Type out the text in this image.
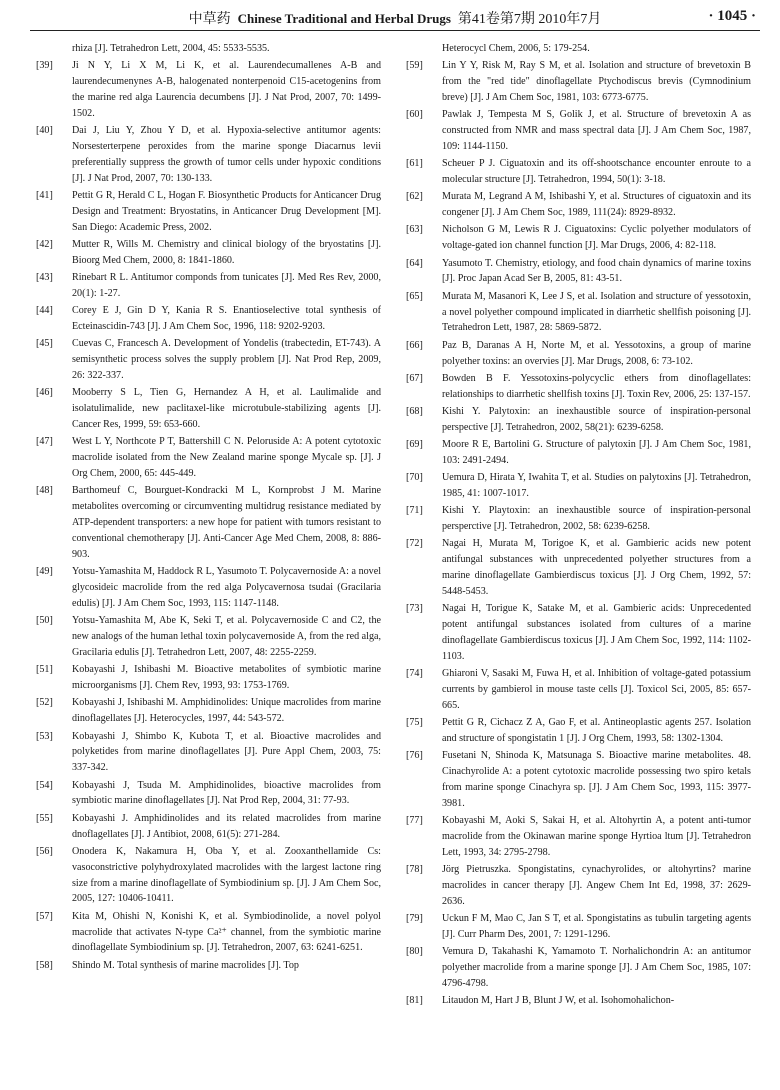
中草药 Chinese Traditional and Herbal Drugs 第41卷第7期 2010年7月	· 1045 ·
rhiza [J]. Tetrahedron Lett, 2004, 45: 5533-5535.
[39]	Ji N Y, Li X M, Li K, et al. Laurendecumallenes A-B and laurendecumenynes A-B, halogenated nonterpenoid C15-acetogenins from the marine red alga Laurencia decumbens [J]. J Nat Prod, 2007, 70: 1499-1502.
[40]	Dai J, Liu Y, Zhou Y D, et al. Hypoxia-selective antitumor agents: Norsesterterpene peroxides from the marine sponge Diacarnus levii preferentially suppress the growth of tumor cells under hypoxic conditions [J]. J Nat Prod, 2007, 70: 130-133.
[41]	Pettit G R, Herald C L, Hogan F. Biosynthetic Products for Anticancer Drug Design and Treatment: Bryostatins, in Anticancer Drug Development [M]. San Diego: Academic Press, 2002.
[42]	Mutter R, Wills M. Chemistry and clinical biology of the bryostatins [J]. Bioorg Med Chem, 2000, 8: 1841-1860.
[43]	Rinebart R L. Antitumor componds from tunicates [J]. Med Res Rev, 2000, 20(1): 1-27.
[44]	Corey E J, Gin D Y, Kania R S. Enantioselective total synthesis of Ecteinascidin-743 [J]. J Am Chem Soc, 1996, 118: 9202-9203.
[45]	Cuevas C, Francesch A. Development of Yondelis (trabectedin, ET-743). A semisynthetic process solves the supply problem [J]. Nat Prod Rep, 2009, 26: 322-337.
[46]	Mooberry S L, Tien G, Hernandez A H, et al. Laulimalide and isolatulimalide, new paclitaxel-like microtubule-stabilizing agents [J]. Cancer Res, 1999, 59: 653-660.
[47]	West L Y, Northcote P T, Battershill C N. Peloruside A: A potent cytotoxic macrolide isolated from the New Zealand marine sponge Mycale sp. [J]. J Org Chem, 2000, 65: 445-449.
[48]	Barthomeuf C, Bourguet-Kondracki M L, Kornprobst J M. Marine metabolites overcoming or circumventing multidrug resistance mediated by ATP-dependent transporters: a new hope for patient with tumors resistant to conventional chemotherapy [J]. Anti-Cancer Age Med Chem, 2008, 8: 886-903.
[49]	Yotsu-Yamashita M, Haddock R L, Yasumoto T. Polycavernoside A: a novel glycosideic macrolide from the red alga Polycavernosa tsudai (Gracilaria edulis) [J]. J Am Chem Soc, 1993, 115: 1147-1148.
[50]	Yotsu-Yamashita M, Abe K, Seki T, et al. Polycavernoside C and C2, the new analogs of the human lethal toxin polycavernoside A, from the red alga, Gracilaria edulis [J]. Tetrahedron Lett, 2007, 48: 2255-2259.
[51]	Kobayashi J, Ishibashi M. Bioactive metabolites of symbiotic marine microorganisms [J]. Chem Rev, 1993, 93: 1753-1769.
[52]	Kobayashi J, Ishibashi M. Amphidinolides: Unique macrolides from marine dinoflagellates [J]. Heterocycles, 1997, 44: 543-572.
[53]	Kobayashi J, Shimbo K, Kubota T, et al. Bioactive macrolides and polyketides from marine dinoflagellates [J]. Pure Appl Chem, 2003, 75: 337-342.
[54]	Kobayashi J, Tsuda M. Amphidinolides, bioactive macrolides from symbiotic marine dinoflagellates [J]. Nat Prod Rep, 2004, 31: 77-93.
[55]	Kobayashi J. Amphidinolides and its related macrolides from marine dnoflagellates [J]. J Antibiot, 2008, 61(5): 271-284.
[56]	Onodera K, Nakamura H, Oba Y, et al. Zooxanthellamide Cs: vasoconstrictive polyhydroxylated macrolides with the largest lactone ring size from a marine dinoflagellate of Symbiodinium sp. [J]. J Am Chem Soc, 2005, 127: 10406-10411.
[57]	Kita M, Ohishi N, Konishi K, et al. Symbiodinolide, a novel polyol macrolide that activates N-type Ca²⁺ channel, from the symbiotic marine dinoflagellate Symbiodinium sp. [J]. Tetrahedron, 2007, 63: 6241-6251.
[58]	Shindo M. Total synthesis of marine macrolides [J]. Top
Heterocycl Chem, 2006, 5: 179-254.
[59]	Lin Y Y, Risk M, Ray S M, et al. Isolation and structure of brevetoxin B from the "red tide" dinoflagellate Ptychodiscus brevis (Cymnodinium breve) [J]. J Am Chem Soc, 1981, 103: 6773-6775.
[60]	Pawlak J, Tempesta M S, Golik J, et al. Structure of brevetoxin A as constructed from NMR and mass spectral data [J]. J Am Chem Soc, 1987, 109: 1144-1150.
[61]	Scheuer P J. Ciguatoxin and its off-shootschance encounter enroute to a molecular structure [J]. Tetrahedron, 1994, 50(1): 3-18.
[62]	Murata M, Legrand A M, Ishibashi Y, et al. Structures of ciguatoxin and its congener [J]. J Am Chem Soc, 1989, 111(24): 8929-8932.
[63]	Nicholson G M, Lewis R J. Ciguatoxins: Cyclic polyether modulators of voltage-gated ion channel function [J]. Mar Drugs, 2006, 4: 82-118.
[64]	Yasumoto T. Chemistry, etiology, and food chain dynamics of marine toxins [J]. Proc Japan Acad Ser B, 2005, 81: 43-51.
[65]	Murata M, Masanori K, Lee J S, et al. Isolation and structure of yessotoxin, a novel polyether compound implicated in diarrhetic shellfish poisoning [J]. Tetrahedron Lett, 1987, 28: 5869-5872.
[66]	Paz B, Daranas A H, Norte M, et al. Yessotoxins, a group of marine polyether toxins: an overvies [J]. Mar Drugs, 2008, 6: 73-102.
[67]	Bowden B F. Yessotoxins-polycyclic ethers from dinoflagellates: relationships to diarrhetic shellfish toxins [J]. Toxin Rev, 2006, 25: 137-157.
[68]	Kishi Y. Palytoxin: an inexhaustible source of inspiration-personal perspective [J]. Tetrahedron, 2002, 58(21): 6239-6258.
[69]	Moore R E, Bartolini G. Structure of palytoxin [J]. J Am Chem Soc, 1981, 103: 2491-2494.
[70]	Uemura D, Hirata Y, Iwahita T, et al. Studies on palytoxins [J]. Tetrahedron, 1985, 41: 1007-1017.
[71]	Kishi Y. Playtoxin: an inexhaustible source of inspiration-personal persperctive [J]. Tetrahedron, 2002, 58: 6239-6258.
[72]	Nagai H, Murata M, Torigoe K, et al. Gambieric acids new potent antifungal substances with unprecedented polyether structures from a marine dinoflagellate Gambierdiscus toxicus [J]. J Org Chem, 1992, 57: 5448-5453.
[73]	Nagai H, Torigue K, Satake M, et al. Gambieric acids: Unprecedented potent antifungal substances isolated from cultures of a marine dinoflagellate Gambierdiscus toxicus [J]. J Am Chem Soc, 1992, 114: 1102-1103.
[74]	Ghiaroni V, Sasaki M, Fuwa H, et al. Inhibition of voltage-gated potassium currents by gambierol in mouse taste cells [J]. Toxicol Sci, 2005, 85: 657-665.
[75]	Pettit G R, Cichacz Z A, Gao F, et al. Antineoplastic agents 257. Isolation and structure of spongistatin 1 [J]. J Org Chem, 1993, 58: 1302-1304.
[76]	Fusetani N, Shinoda K, Matsunaga S. Bioactive marine metabolites. 48. Cinachyrolide A: a potent cytotoxic macrolide possessing two spiro ketals from marine sponge Cinachyra sp. [J]. J Am Chem Soc, 1993, 115: 3977-3981.
[77]	Kobayashi M, Aoki S, Sakai H, et al. Altohyrtin A, a potent anti-tumor macrolide from the Okinawan marine sponge Hyrtioa ltum [J]. Tetrahedron Lett, 1993, 34: 2795-2798.
[78]	Jörg Pietruszka. Spongistatins, cynachyrolides, or altohyrtins? marine macrolides in cancer therapy [J]. Angew Chem Int Ed, 1998, 37: 2629-2636.
[79]	Uckun F M, Mao C, Jan S T, et al. Spongistatins as tubulin targeting agents [J]. Curr Pharm Des, 2001, 7: 1291-1296.
[80]	Vemura D, Takahashi K, Yamamoto T. Norhalichondrin A: an antitumor polyether macrolide from a marine sponge [J]. J Am Chem Soc, 1985, 107: 4796-4798.
[81]	Litaudon M, Hart J B, Blunt J W, et al. Isohomohalichon-
